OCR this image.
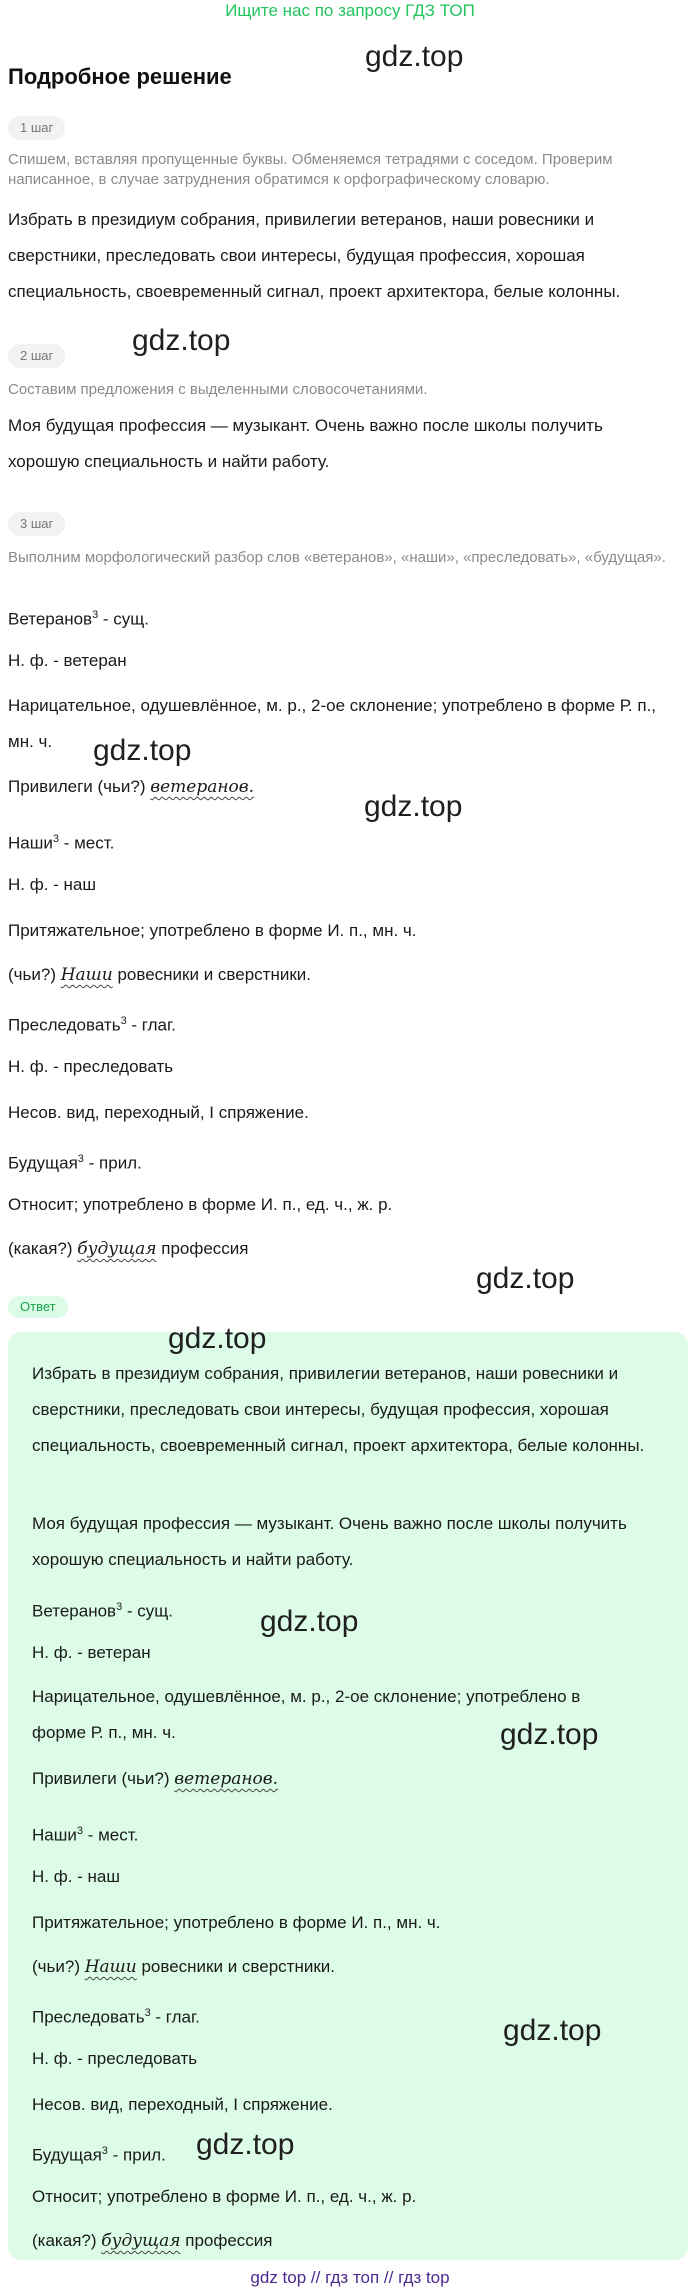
Ищите нас по запросу ГДЗ ТОП
Подробное решение
1 шаг
Спишем, вставляя пропущенные буквы. Обменяемся тетрадями с соседом. Проверим написанное, в случае затруднения обратимся к орфографическому словарю.
Избрать в президиум собрания, привилегии ветеранов, наши ровесники и сверстники, преследовать свои интересы, будущая профессия, хорошая специальность, своевременный сигнал, проект архитектора, белые колонны.
2 шаг
Составим предложения с выделенными словосочетаниями.
Моя будущая профессия — музыкант. Очень важно после школы получить хорошую специальность и найти работу.
3 шаг
Выполним морфологический разбор слов «ветеранов», «наши», «преследовать», «будущая».
Ветеранов$^3$ - сущ.
Н. ф. - ветеран
Нарицательное, одушевлённое, м. р., 2-ое склонение; употреблено в форме Р. п., мн. ч.
Привилеги (чьи?) ветеранов.
Наши$^3$ - мест.
Н. ф. - наш
Притяжательное; употреблено в форме И. п., мн. ч.
(чьи?) Наши ровесники и сверстники.
Преследовать$^3$ - глаг.
Н. ф. - преследовать
Несов. вид, переходный, I спряжение.
Будущая$^3$ - прил.
Относит; употреблено в форме И. п., ед. ч., ж. р.
(какая?) будущая профессия
Ответ
Избрать в президиум собрания, привилегии ветеранов, наши ровесники и сверстники, преследовать свои интересы, будущая профессия, хорошая специальность, своевременный сигнал, проект архитектора, белые колонны.
Моя будущая профессия — музыкант. Очень важно после школы получить хорошую специальность и найти работу.
Ветеранов$^3$ - сущ.
Н. ф. - ветеран
Нарицательное, одушевлённое, м. р., 2-ое склонение; употреблено в
форме Р. п., мн. ч.
Привилеги (чьи?) ветеранов.
Наши$^3$ - мест.
Н. ф. - наш
Притяжательное; употреблено в форме И. п., мн. ч.
(чьи?) Наши ровесники и сверстники.
Преследовать$^3$ - глаг.
Н. ф. - преследовать
Несов. вид, переходный, I спряжение.
Будущая$^3$ - прил.
Относит; употреблено в форме И. п., ед. ч., ж. р.
(какая?) будущая профессия
gdz.top
gdz.top
gdz.top
gdz.top
gdz.top
gdz.top
gdz.top
gdz.top
gdz.top
gdz.top
gdz top // гдз топ // гдз top
